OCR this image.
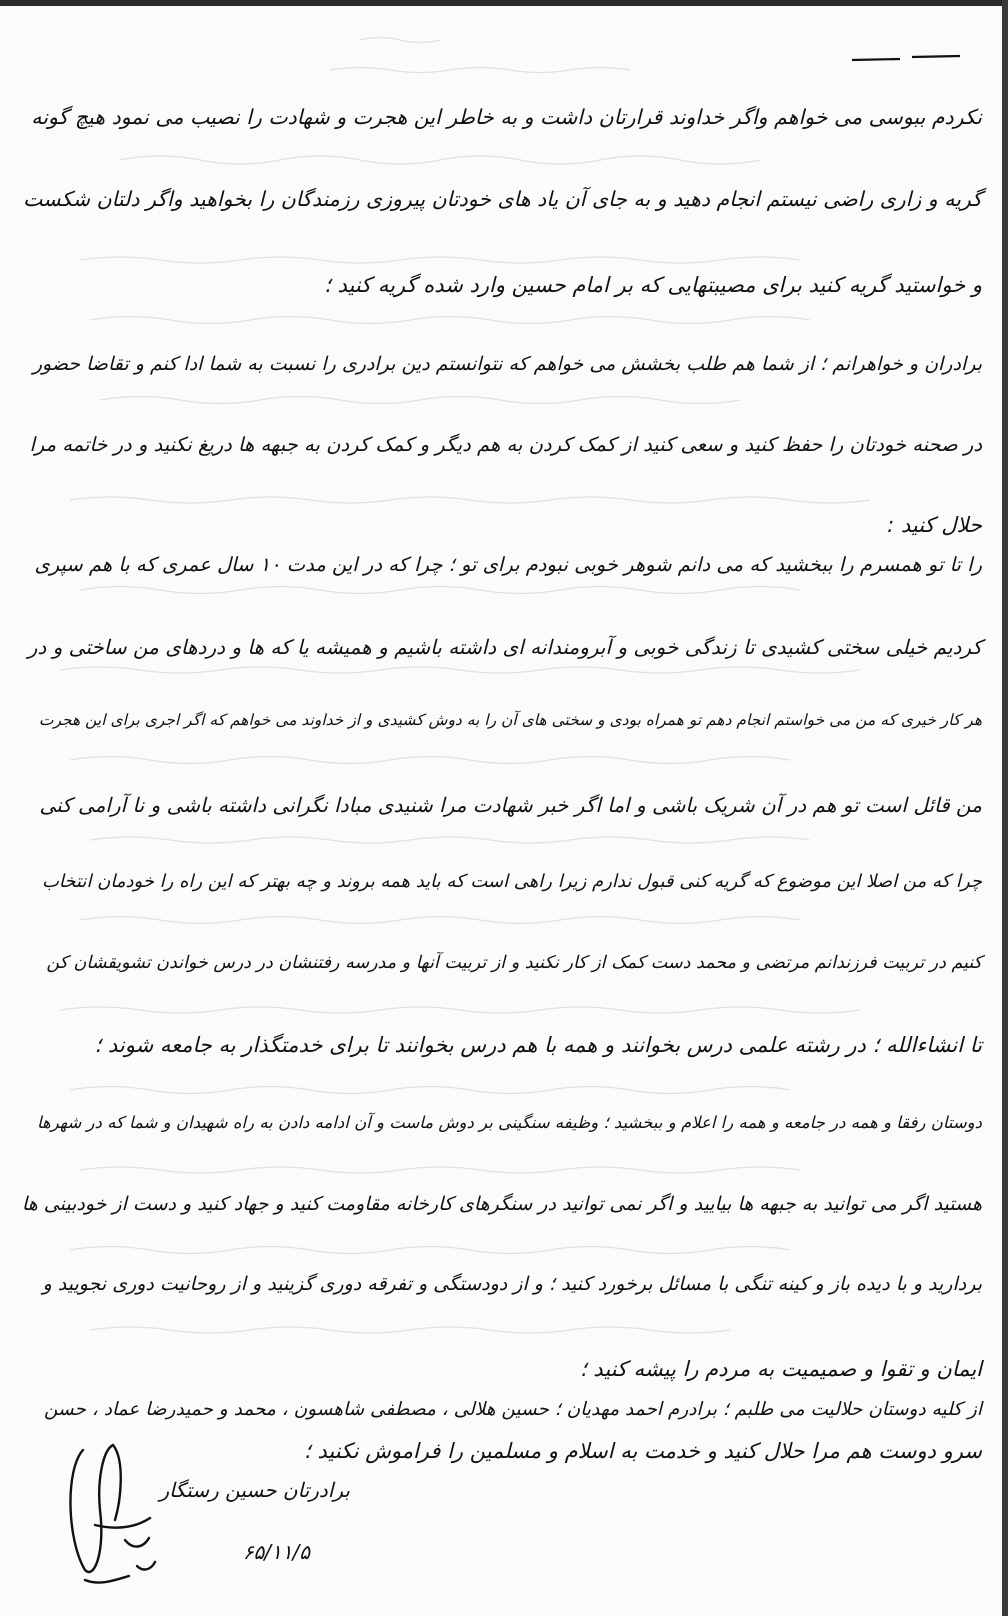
نکردم ببوسی می خواهم واگر خداوند قرارتان داشت و به خاطر این هجرت و شهادت را نصیب می نمود هیچ گونه
گریه و زاری راضی نیستم انجام دهید و به جای آن یاد های خودتان پیروزی رزمندگان را بخواهید واگر دلتان شکست
و خواستید گریه کنید برای مصیبتهایی که بر امام حسین وارد شده گریه کنید ؛
برادران و خواهرانم ؛ از شما هم طلب بخشش می خواهم که نتوانستم دین برادری را نسبت به شما ادا کنم و تقاضا حضور
در صحنه خودتان را حفظ کنید و سعی کنید از کمک کردن به هم دیگر و کمک کردن به جبهه ها دریغ نکنید و در خاتمه مرا
حلال کنید :
را تا تو همسرم را ببخشید که می دانم شوهر خوبی نبودم برای تو ؛ چرا که در این مدت ۱۰ سال عمری که با هم سپری
کردیم خیلی سختی کشیدی تا زندگی خوبی و آبرومندانه ای داشته باشیم و همیشه یا که ها و دردهای من ساختی و در
هر کار خیری که من می خواستم انجام دهم تو همراه بودی و سختی های آن را به دوش کشیدی و از خداوند می خواهم که اگر اجری برای این هجرت
من قائل است تو هم در آن شریک باشی و اما اگر خبر شهادت مرا شنیدی مبادا نگرانی داشته باشی و نا آرامی کنی
چرا که من اصلا این موضوع که گریه کنی قبول ندارم زیرا راهی است که باید همه بروند و چه بهتر که این راه را خودمان انتخاب
کنیم در تربیت فرزندانم مرتضی و محمد دست کمک از کار نکنید و از تربیت آنها و مدرسه رفتنشان در درس خواندن تشویقشان کن
تا انشاءالله ؛ در رشته علمی درس بخوانند و همه با هم درس بخوانند تا برای خدمتگذار به جامعه شوند ؛
دوستان رفقا و همه در جامعه و همه را اعلام و ببخشید ؛ وظیفه سنگینی بر دوش ماست و آن ادامه دادن به راه شهیدان و شما که در شهرها
هستید اگر می توانید به جبهه ها بیایید و اگر نمی توانید در سنگرهای کارخانه مقاومت کنید و جهاد کنید و دست از خودبینی ها
بردارید و با دیده باز و کینه تنگی با مسائل برخورد کنید ؛ و از دودستگی و تفرقه دوری گزینید و از روحانیت دوری نجویید و
ایمان و تقوا و صمیمیت به مردم را پیشه کنید ؛
از کلیه دوستان حلالیت می طلبم ؛ برادرم احمد مهدیان ؛ حسین هلالی ، مصطفی شاهسون ، محمد و حمیدرضا عماد ، حسن
سرو دوست هم مرا حلال کنید و خدمت به اسلام و مسلمین را فراموش نکنید ؛
برادرتان حسین رستگار
۶۵/۱۱/۵
